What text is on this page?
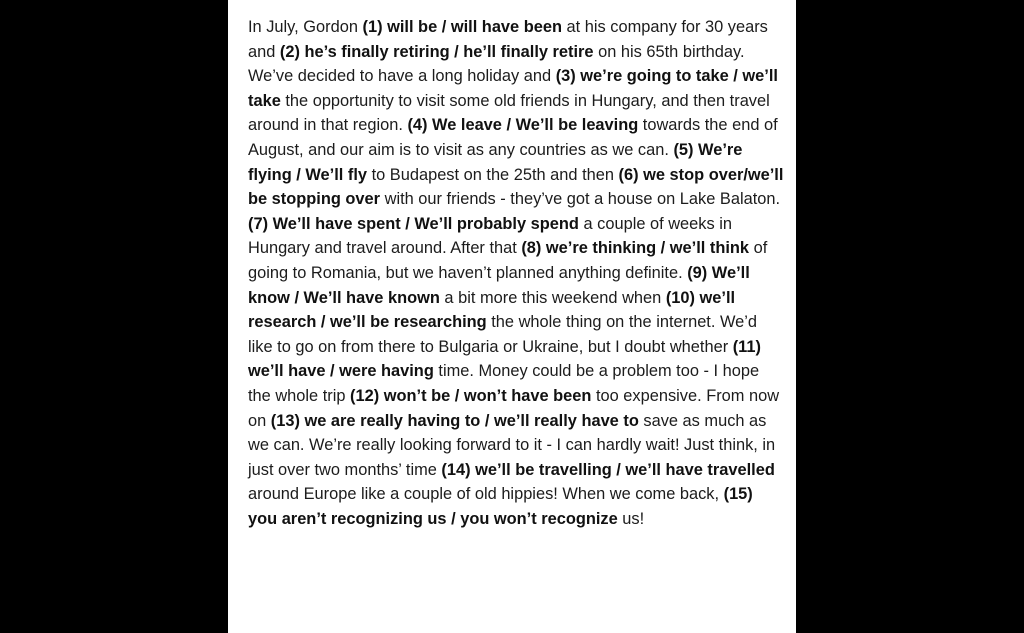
In July, Gordon (1) will be / will have been at his company for 30 years and (2) he’s finally retiring / he’ll finally retire on his 65th birthday. We’ve decided to have a long holiday and (3) we’re going to take / we’ll take the opportunity to visit some old friends in Hungary, and then travel around in that region. (4) We leave / We’ll be leaving towards the end of August, and our aim is to visit as any countries as we can. (5) We’re flying / We’ll fly to Budapest on the 25th and then (6) we stop over/we’ll be stopping over with our friends - they’ve got a house on Lake Balaton. (7) We’ll have spent / We’ll probably spend a couple of weeks in Hungary and travel around. After that (8) we’re thinking / we’ll think of going to Romania, but we haven’t planned anything definite. (9) We’ll know / We’ll have known a bit more this weekend when (10) we’ll research / we’ll be researching the whole thing on the internet. We’d like to go on from there to Bulgaria or Ukraine, but I doubt whether (11) we’ll have / were having time. Money could be a problem too - I hope the whole trip (12) won’t be / won’t have been too expensive. From now on (13) we are really having to / we’ll really have to save as much as we can. We’re really looking forward to it - I can hardly wait! Just think, in just over two months’ time (14) we’ll be travelling / we’ll have travelled around Europe like a couple of old hippies! When we come back, (15) you aren’t recognizing us / you won’t recognize us!
